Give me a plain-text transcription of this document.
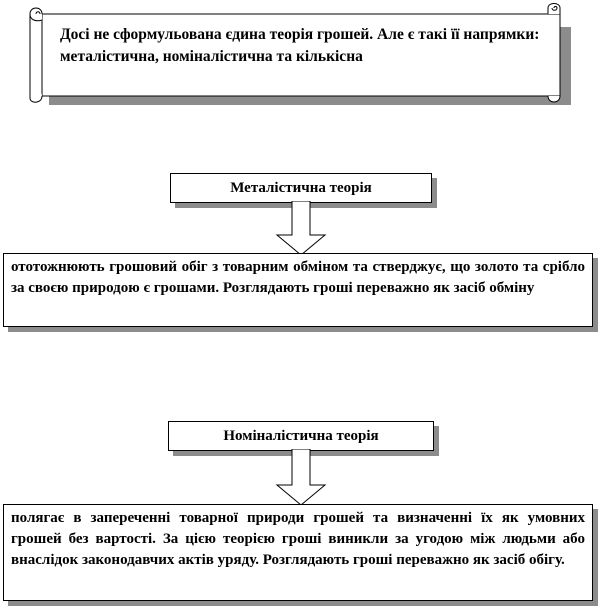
Досі не сформульована єдина теорія грошей. Але є такі її напрямки: металістична, номіналістична та кількісна
Металістична теорія
ототожнюють грошовий обіг з товарним обміном та стверджує, що золото та срібло за своєю природою є грошами. Розглядають гроші переважно як засіб обміну
Номіналістична теорія
полягає в запереченні товарної природи грошей та визначенні їх як умовних грошей без вартості. За цією теорією гроші виникли за угодою між людьми або внаслідок законодавчих актів уряду. Розглядають гроші переважно як засіб обігу.
